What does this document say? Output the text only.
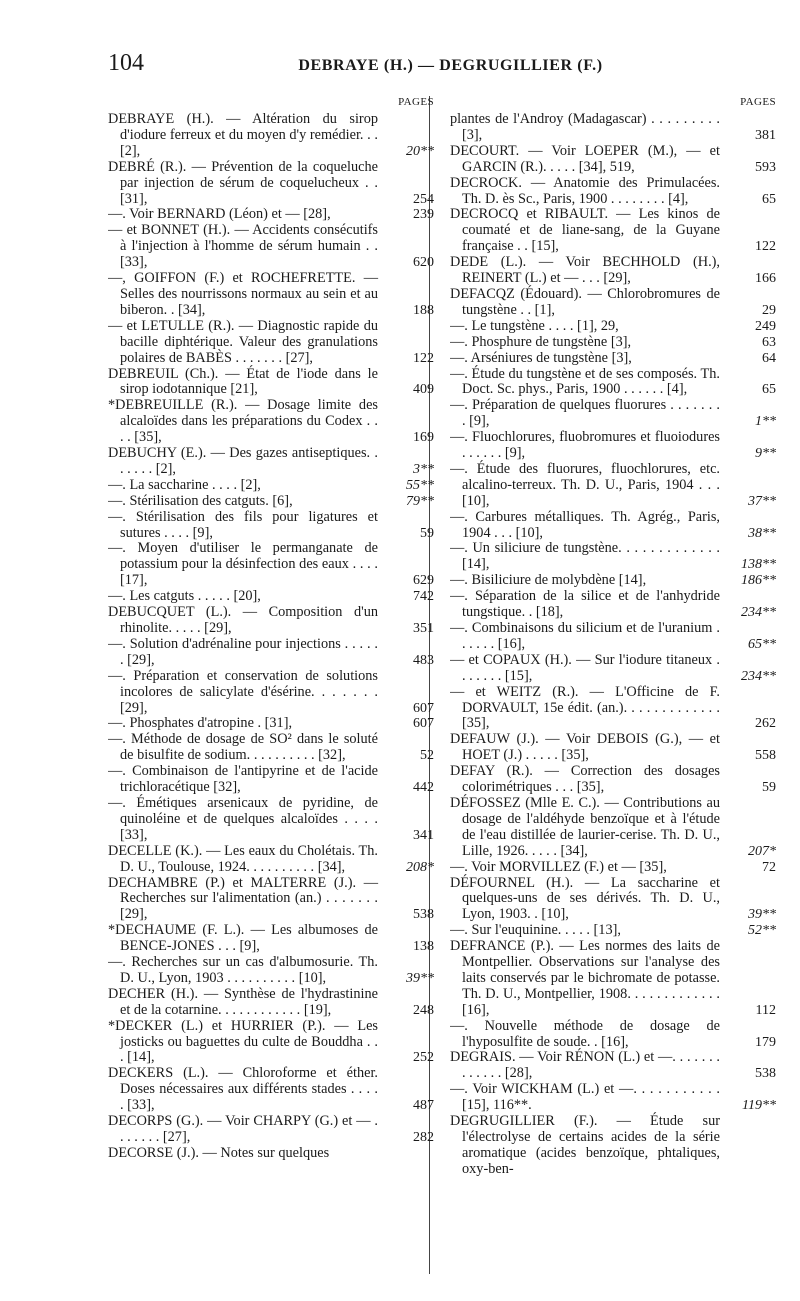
104	DEBRAYE (H.) — DEGRUGILLIER (F.)
PAGES

DEBRAYE (H.). — Altération du sirop d'iodure ferreux et du moyen d'y remédier. . . [2],	20**

DEBRÉ (R.). — Prévention de la coqueluche par injection de sérum de coquelucheux . . [31],	254

—. Voir BERNARD (Léon) et — [28],	239

— et BONNET (H.). — Accidents consécutifs à l'injection à l'homme de sérum humain . . [33],	620

—, GOIFFON (F.) et ROCHEFRETTE. — Selles des nourrissons normaux au sein et au biberon. . [34],	188

— et LETULLE (R.). — Diagnostic rapide du bacille diphtérique. Valeur des granulations polaires de BABÈS . . . . . . . [27],	122

DEBREUIL (Ch.). — État de l'iode dans le sirop iodotannique [21],	409

*DEBREUILLE (R.). — Dosage limite des alcaloïdes dans les préparations du Codex . . . . [35],	169

DEBUCHY (E.). — Des gazes antiseptiques. . . . . . . [2],	3**

—. La saccharine . . . . [2],	55**

—. Stérilisation des catguts. [6],	79**

—. Stérilisation des fils pour ligatures et sutures . . . . [9],	59

—. Moyen d'utiliser le permanganate de potassium pour la désinfection des eaux . . . . [17],	629

—. Les catguts . . . . . [20],	742

DEBUCQUET (L.). — Composition d'un rhinolite. . . . . [29],	351

—. Solution d'adrénaline pour injections . . . . . . [29],	483

—. Préparation et conservation de solutions incolores de salicylate d'ésérine. . . . . . . [29],	607

—. Phosphates d'atropine . [31],	607

—. Méthode de dosage de SO² dans le soluté de bisulfite de sodium. . . . . . . . . . [32],	52

—. Combinaison de l'antipyrine et de l'acide trichloracétique [32],	442

—. Émétiques arsenicaux de pyridine, de quinoléine et de quelques alcaloïdes . . . . [33],	341

DECELLE (K.). — Les eaux du Cholétais. Th. D. U., Toulouse, 1924. . . . . . . . . . [34],	208*

DECHAMBRE (P.) et MALTERRE (J.). — Recherches sur l'alimentation (an.) . . . . . . . [29],	538

*DECHAUME (F. L.). — Les albumoses de BENCE-JONES . . . [9],	138

—. Recherches sur un cas d'albumosurie. Th. D. U., Lyon, 1903 . . . . . . . . . . [10],	39**

DECHER (H.). — Synthèse de l'hydrastinine et de la cotarnine. . . . . . . . . . . . [19],	248

*DECKER (L.) et HURRIER (P.). — Les josticks ou baguettes du culte de Bouddha . . . [14],	252

DECKERS (L.). — Chloroforme et éther. Doses nécessaires aux différents stades . . . . . [33],	487

DECORPS (G.). — Voir CHARPY (G.) et — . . . . . . . [27],	282

DECORSE (J.). — Notes sur quelques

PAGES

plantes de l'Androy (Madagascar) . . . . . . . . . [3],	381

DECOURT. — Voir LOEPER (M.), — et GARCIN (R.). . . . . [34], 519,	593

DECROCK. — Anatomie des Primulacées. Th. D. ès Sc., Paris, 1900 . . . . . . . . [4],	65

DECROCQ et RIBAULT. — Les kinos de coumaté et de liane-sang, de la Guyane française . . [15],	122

DEDE (L.). — Voir BECHHOLD (H.), REINERT (L.) et — . . . [29],	166

DEFACQZ (Édouard). — Chlorobromures de tungstène . . [1],	29

—. Le tungstène . . . . [1], 29,	249

—. Phosphure de tungstène [3],	63

—. Arséniures de tungstène [3],	64

—. Étude du tungstène et de ses composés. Th. Doct. Sc. phys., Paris, 1900 . . . . . . [4],	65

—. Préparation de quelques fluorures . . . . . . . . [9],	1**

—. Fluochlorures, fluobromures et fluoiodures . . . . . . [9],	9**

—. Étude des fluorures, fluochlorures, etc. alcalino-terreux. Th. D. U., Paris, 1904 . . . [10],	37**

—. Carbures métalliques. Th. Agrég., Paris, 1904 . . . [10],	38**

—. Un siliciure de tungstène. . . . . . . . . . . . . [14],	138**

—. Bisiliciure de molybdène [14],	186**

—. Séparation de la silice et de l'anhydride tungstique. . [18],	234**

—. Combinaisons du silicium et de l'uranium . . . . . . [16],	65**

— et COPAUX (H.). — Sur l'iodure titaneux . . . . . . . [15],	234**

— et WEITZ (R.). — L'Officine de F. DORVAULT, 15e édit. (an.). . . . . . . . . . . . . [35],	262

DEFAUW (J.). — Voir DEBOIS (G.), — et HOET (J.) . . . . . [35],	558

DEFAY (R.). — Correction des dosages colorimétriques . . . [35],	59

DÉFOSSEZ (Mlle E. C.). — Contributions au dosage de l'aldéhyde benzoïque et à l'étude de l'eau distillée de laurier-cerise. Th. D. U., Lille, 1926. . . . . [34],	207*

—. Voir MORVILLEZ (F.) et — [35],	72

DÉFOURNEL (H.). — La saccharine et quelques-uns de ses dérivés. Th. D. U., Lyon, 1903. . [10],	39**

—. Sur l'euquinine. . . . . [13],	52**

DEFRANCE (P.). — Les normes des laits de Montpellier. Observations sur l'analyse des laits conservés par le bichromate de potasse. Th. D. U., Montpellier, 1908. . . . . . . . . . . . . [16],	112

—. Nouvelle méthode de dosage de l'hyposulfite de soude. . [16],	179

DEGRAIS. — Voir RÉNON (L.) et —. . . . . . . . . . . . . [28],	538

—. Voir WICKHAM (L.) et —. . . . . . . . . . . [15], 116**.	119**

DEGRUGILLIER (F.). — Étude sur l'électrolyse de certains acides de la série aromatique (acides benzoïque, phtaliques, oxy-ben-
